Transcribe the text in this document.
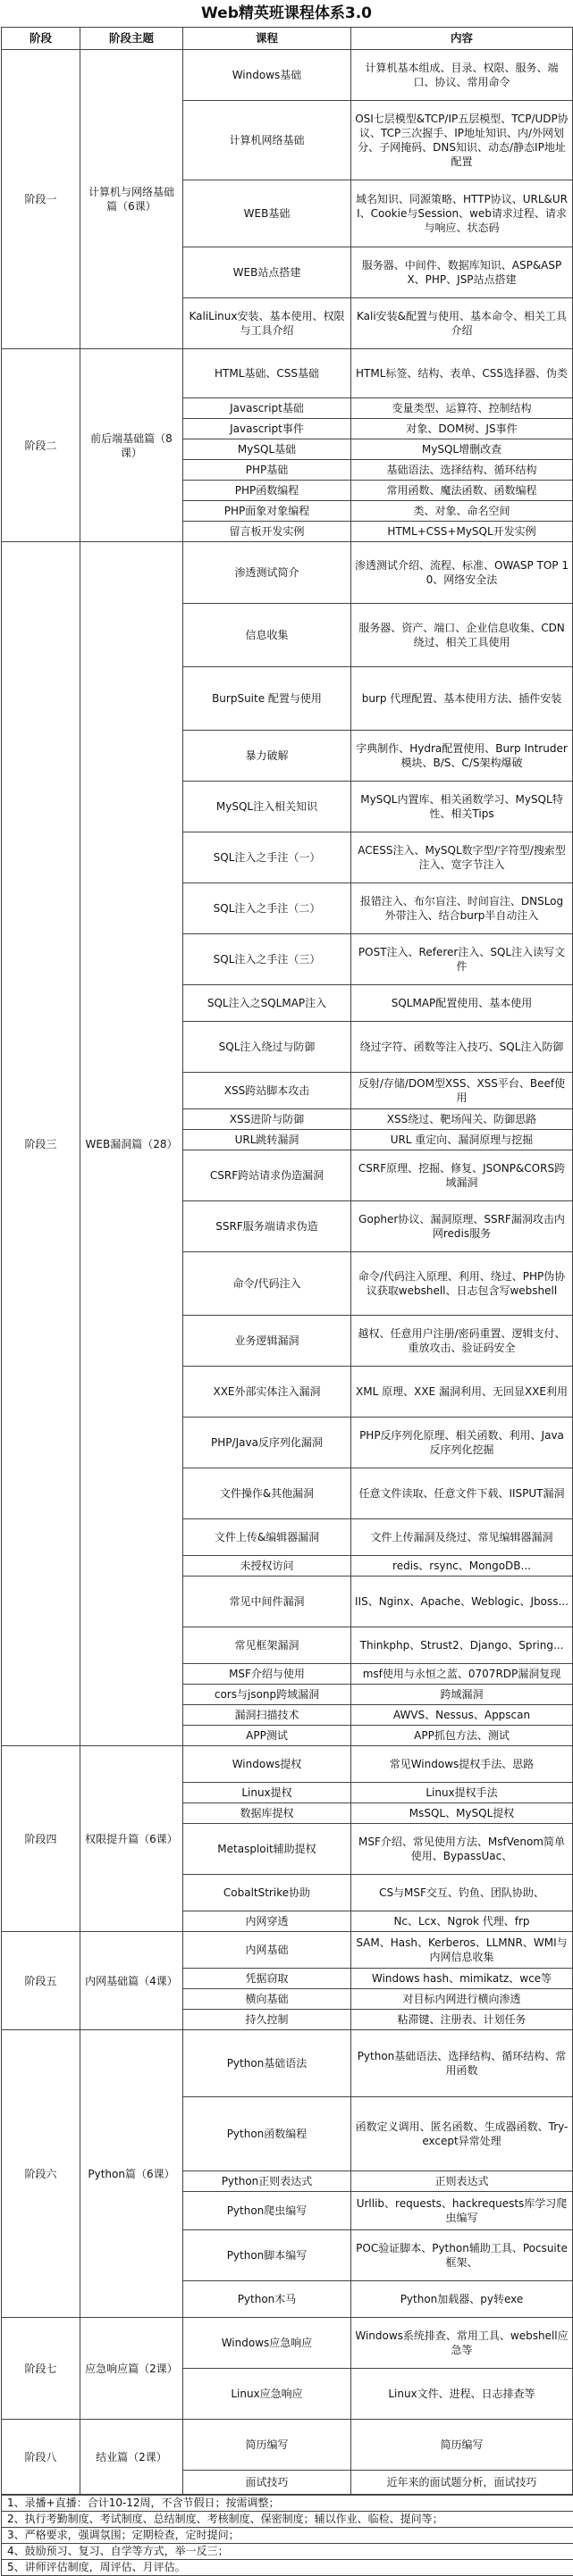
Web精英班课程体系3.0
阶段	阶段主题	课程	内容
阶段一	计算机与网络基础篇（6课）	Windows基础	计算机基本组成、目录、权限、服务、端口、协议、常用命令
		计算机网络基础	OSI七层模型&TCP/IP五层模型、TCP/UDP协议、TCP三次握手、IP地址知识、内/外网划分、子网掩码、DNS知识、动态/静态IP地址配置
		WEB基础	域名知识、同源策略、HTTP协议、URL&URI、Cookie与Session、web请求过程、请求与响应、状态码
		WEB站点搭建	服务器、中间件、数据库知识、ASP&ASPX、PHP、JSP站点搭建
		KaliLinux安装、基本使用、权限与工具介绍	Kali安装&配置与使用、基本命令、相关工具介绍
阶段二	前后端基础篇（8课）	HTML基础、CSS基础	HTML标签、结构、表单、CSS选择器、伪类
		Javascript基础	变量类型、运算符、控制结构
		Javascript事件	对象、DOM树、JS事件
		MySQL基础	MySQL增删改查
		PHP基础	基础语法、选择结构、循环结构
		PHP函数编程	常用函数、魔法函数、函数编程
		PHP面象对象编程	类、对象、命名空间
		留言板开发实例	HTML+CSS+MySQL开发实例
阶段三	WEB漏洞篇（28）	渗透测试简介	渗透测试介绍、流程、标准、OWASP TOP 10、网络安全法
		信息收集	服务器、资产、端口、企业信息收集、CDN绕过、相关工具使用
		BurpSuite 配置与使用	burp 代理配置、基本使用方法、插件安装
		暴力破解	字典制作、Hydra配置使用、Burp Intruder模块、B/S、C/S架构爆破
		MySQL注入相关知识	MySQL内置库、相关函数学习、MySQL特性、相关Tips
		SQL注入之手注（一）	ACESS注入、MySQL数字型/字符型/搜索型注入、宽字节注入
		SQL注入之手注（二）	报错注入、布尔盲注、时间盲注、DNSLog外带注入、结合burp半自动注入
		SQL注入之手注（三）	POST注入、Referer注入、SQL注入读写文件
		SQL注入之SQLMAP注入	SQLMAP配置使用、基本使用
		SQL注入绕过与防御	绕过字符、函数等注入技巧、SQL注入防御
		XSS跨站脚本攻击	反射/存储/DOM型XSS、XSS平台、Beef使用
		XSS进阶与防御	XSS绕过、靶场闯关、防御思路
		URL跳转漏洞	URL 重定向、漏洞原理与挖掘
		CSRF跨站请求伪造漏洞	CSRF原理、挖掘、修复、JSONP&CORS跨域漏洞
		SSRF服务端请求伪造	Gopher协议、漏洞原理、SSRF漏洞攻击内网redis服务
		命令/代码注入	命令/代码注入原理、利用、绕过、PHP伪协议获取webshell、日志包含写webshell
		业务逻辑漏洞	越权、任意用户注册/密码重置、逻辑支付、重放攻击、验证码安全
		XXE外部实体注入漏洞	XML 原理、XXE 漏洞利用、无回显XXE利用
		PHP/Java反序列化漏洞	PHP反序列化原理、相关函数、利用、Java反序列化挖掘
		文件操作&其他漏洞	任意文件读取、任意文件下载、IISPUT漏洞
		文件上传&编辑器漏洞	文件上传漏洞及绕过、常见编辑器漏洞
		未授权访问	redis、rsync、MongoDB...
		常见中间件漏洞	IIS、Nginx、Apache、Weblogic、Jboss...
		常见框架漏洞	Thinkphp、Strust2、Django、Spring...
		MSF介绍与使用	msf使用与永恒之蓝、0707RDP漏洞复现
		cors与jsonp跨域漏洞	跨域漏洞
		漏洞扫描技术	AWVS、Nessus、Appscan
		APP测试	APP抓包方法、测试
阶段四	权限提升篇（6课）	Windows提权	常见Windows提权手法、思路
		Linux提权	Linux提权手法
		数据库提权	MsSQL、MySQL提权
		Metasploit辅助提权	MSF介绍、常见使用方法、MsfVenom简单使用、BypassUac、
		CobaltStrike协助	CS与MSF交互、钓鱼、团队协助、
		内网穿透	Nc、Lcx、Ngrok 代理、frp
阶段五	内网基础篇（4课）	内网基础	SAM、Hash、Kerberos、LLMNR、WMI与内网信息收集
		凭据窃取	Windows hash、mimikatz、wce等
		横向基础	对目标内网进行横向渗透
		持久控制	粘滞键、注册表、计划任务
阶段六	Python篇（6课）	Python基础语法	Python基础语法、选择结构、循环结构、常用函数
		Python函数编程	函数定义调用、匿名函数、生成器函数、Try-except异常处理
		Python正则表达式	正则表达式
		Python爬虫编写	Urllib、requests、hackrequests库学习爬虫编写
		Python脚本编写	POC验证脚本、Python辅助工具、Pocsuite 框架、
		Python木马	Python加载器、py转exe
阶段七	应急响应篇（2课）	Windows应急响应	Windows系统排查、常用工具、webshell应急等
		Linux应急响应	Linux文件、进程、日志排查等
阶段八	结业篇（2课）	简历编写	简历编写
		面试技巧	近年来的面试题分析，面试技巧
1、录播+直播：合计10-12周，不含节假日；按需调整；
2、执行考勤制度、考试制度、总结制度、考核制度、保密制度；辅以作业、临检、提问等；
3、严格要求，强调氛围；定期检查，定时提问；
4、鼓励预习、复习、自学等方式，举一反三；
5、讲师评估制度，周评估、月评估。
